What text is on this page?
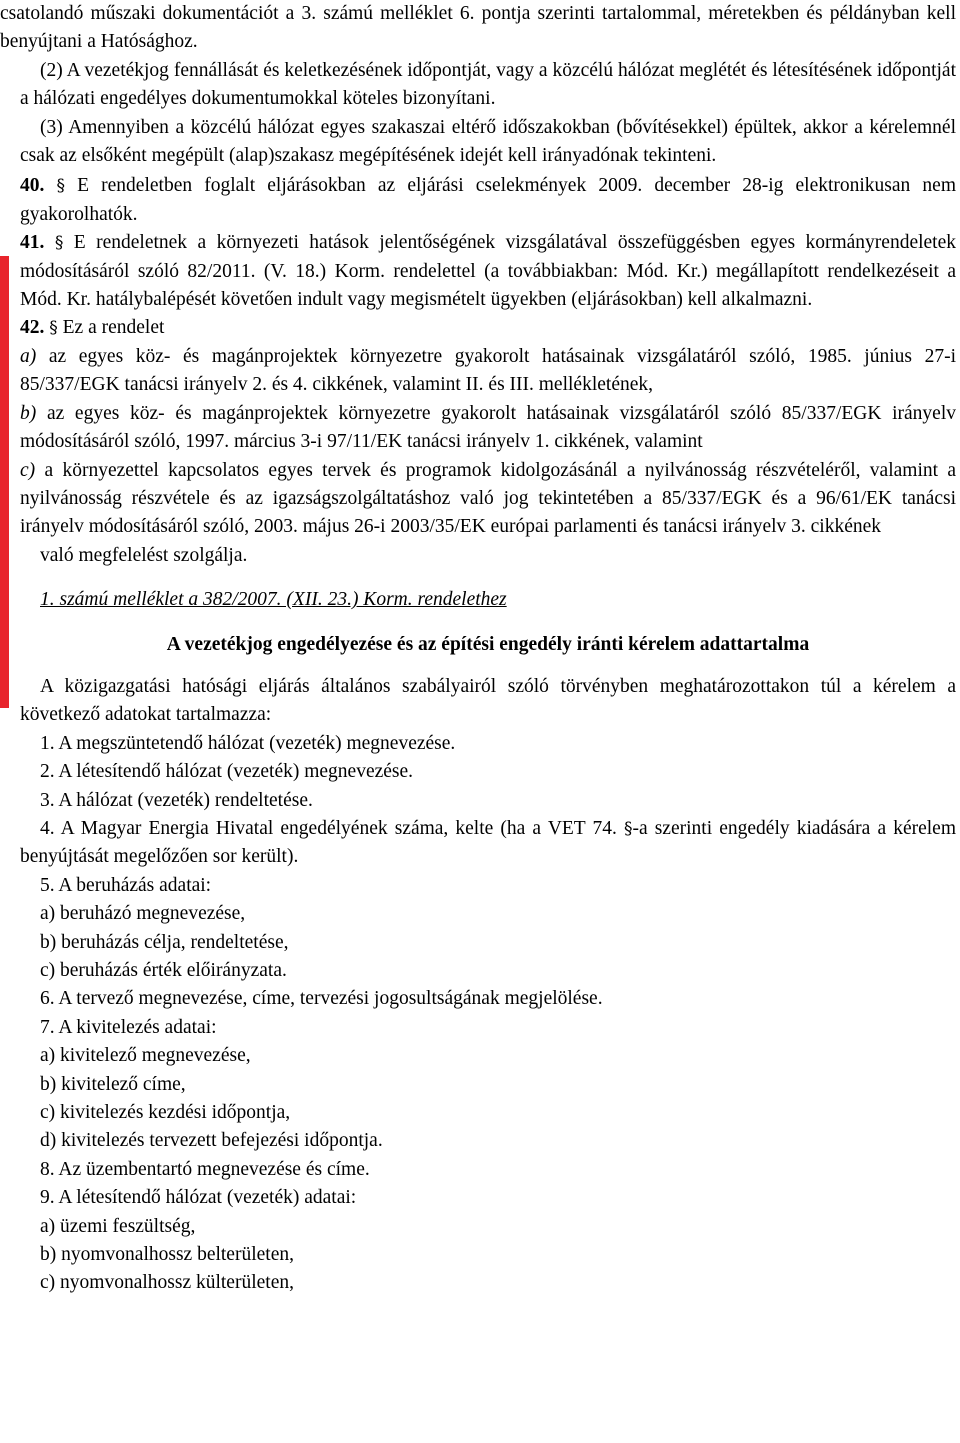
csatolandó műszaki dokumentációt a 3. számú melléklet 6. pontja szerinti tartalommal, méretekben és példányban kell benyújtani a Hatósághoz.

(2) A vezetékjog fennállását és keletkezésének időpontját, vagy a közcélú hálózat meglétét és létesítésének időpontját a hálózati engedélyes dokumentumokkal köteles bizonyítani.

(3) Amennyiben a közcélú hálózat egyes szakaszai eltérő időszakokban (bővítésekkel) épültek, akkor a kérelemnél csak az elsőként megépült (alap)szakasz megépítésének idejét kell irányadónak tekinteni.

40. § E rendeletben foglalt eljárásokban az eljárási cselekmények 2009. december 28-ig elektronikusan nem gyakorolhatók.

41. § E rendeletnek a környezeti hatások jelentőségének vizsgálatával összefüggésben egyes kormányrendeletek módosításáról szóló 82/2011. (V. 18.) Korm. rendelettel (a továbbiakban: Mód. Kr.) megállapított rendelkezéseit a Mód. Kr. hatálybalépését követően indult vagy megismételt ügyekben (eljárásokban) kell alkalmazni.

42. § Ez a rendelet

a) az egyes köz- és magánprojektek környezetre gyakorolt hatásainak vizsgálatáról szóló, 1985. június 27-i 85/337/EGK tanácsi irányelv 2. és 4. cikkének, valamint II. és III. mellékletének,

b) az egyes köz- és magánprojektek környezetre gyakorolt hatásainak vizsgálatáról szóló 85/337/EGK irányelv módosításáról szóló, 1997. március 3-i 97/11/EK tanácsi irányelv 1. cikkének, valamint

c) a környezettel kapcsolatos egyes tervek és programok kidolgozásánál a nyilvánosság részvételéről, valamint a nyilvánosság részvétele és az igazságszolgáltatáshoz való jog tekintetében a 85/337/EGK és a 96/61/EK tanácsi irányelv módosításáról szóló, 2003. május 26-i 2003/35/EK európai parlamenti és tanácsi irányelv 3. cikkének

való megfelelést szolgálja.

1. számú melléklet a 382/2007. (XII. 23.) Korm. rendelethez

A vezetékjog engedélyezése és az építési engedély iránti kérelem adattartalma

A közigazgatási hatósági eljárás általános szabályairól szóló törvényben meghatározottakon túl a kérelem a következő adatokat tartalmazza:

1. A megszüntetendő hálózat (vezeték) megnevezése.

2. A létesítendő hálózat (vezeték) megnevezése.

3. A hálózat (vezeték) rendeltetése.

4. A Magyar Energia Hivatal engedélyének száma, kelte (ha a VET 74. §-a szerinti engedély kiadására a kérelem benyújtását megelőzően sor került).

5. A beruházás adatai:

a) beruházó megnevezése,

b) beruházás célja, rendeltetése,

c) beruházás érték előirányzata.

6. A tervező megnevezése, címe, tervezési jogosultságának megjelölése.

7. A kivitelezés adatai:

a) kivitelező megnevezése,

b) kivitelező címe,

c) kivitelezés kezdési időpontja,

d) kivitelezés tervezett befejezési időpontja.

8. Az üzembentartó megnevezése és címe.

9. A létesítendő hálózat (vezeték) adatai:

a) üzemi feszültség,

b) nyomvonalhossz belterületen,

c) nyomvonalhossz külterületen,
